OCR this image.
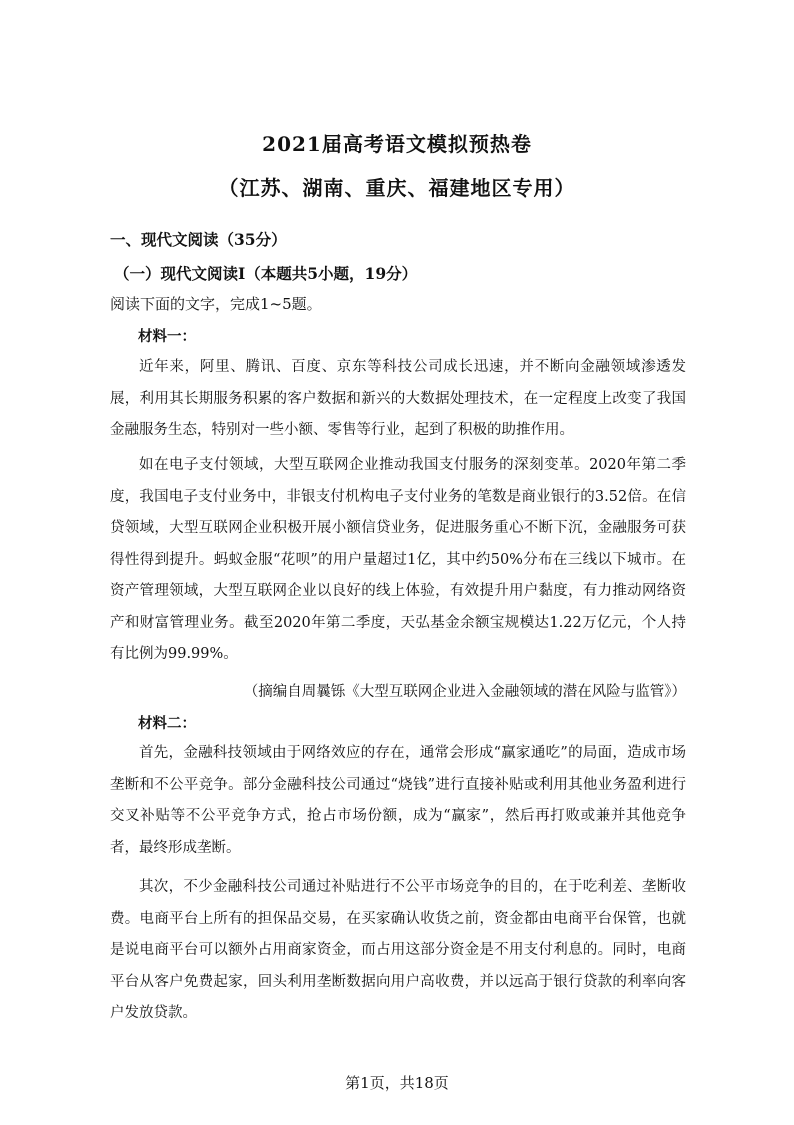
2021届高考语文模拟预热卷
（江苏、湖南、重庆、福建地区专用）
一、现代文阅读（35分）
（一）现代文阅读Ⅰ（本题共5小题，19分）
阅读下面的文字，完成1~5题。
材料一：

近年来，阿里、腾讯、百度、京东等科技公司成长迅速，并不断向金融领域渗透发展，利用其长期服务积累的客户数据和新兴的大数据处理技术，在一定程度上改变了我国金融服务生态，特别对一些小额、零售等行业，起到了积极的助推作用。

如在电子支付领域，大型互联网企业推动我国支付服务的深刻变革。2020年第二季度，我国电子支付业务中，非银支付机构电子支付业务的笔数是商业银行的3.52倍。在信贷领域，大型互联网企业积极开展小额信贷业务，促进服务重心不断下沉，金融服务可获得性得到提升。蚂蚁金服“花呗”的用户量超过1亿，其中约50%分布在三线以下城市。在资产管理领域，大型互联网企业以良好的线上体验，有效提升用户黏度，有力推动网络资产和财富管理业务。截至2020年第二季度，天弘基金余额宝规模达1.22万亿元，个人持有比例为99.99%。

（摘编自周曩铄《大型互联网企业进入金融领域的潜在风险与监管》）
材料二：

首先，金融科技领域由于网络效应的存在，通常会形成“赢家通吃”的局面，造成市场垄断和不公平竞争。部分金融科技公司通过“烧钱”进行直接补贴或利用其他业务盈利进行交叉补贴等不公平竞争方式，抢占市场份额，成为“赢家”，然后再打败或兼并其他竞争者，最终形成垄断。

其次，不少金融科技公司通过补贴进行不公平市场竞争的目的，在于吃利差、垄断收费。电商平台上所有的担保品交易，在买家确认收货之前，资金都由电商平台保管，也就是说电商平台可以额外占用商家资金，而占用这部分资金是不用支付利息的。同时，电商平台从客户免费起家，回头利用垄断数据向用户高收费，并以远高于银行贷款的利率向客户发放贷款。

第1页，共18页
